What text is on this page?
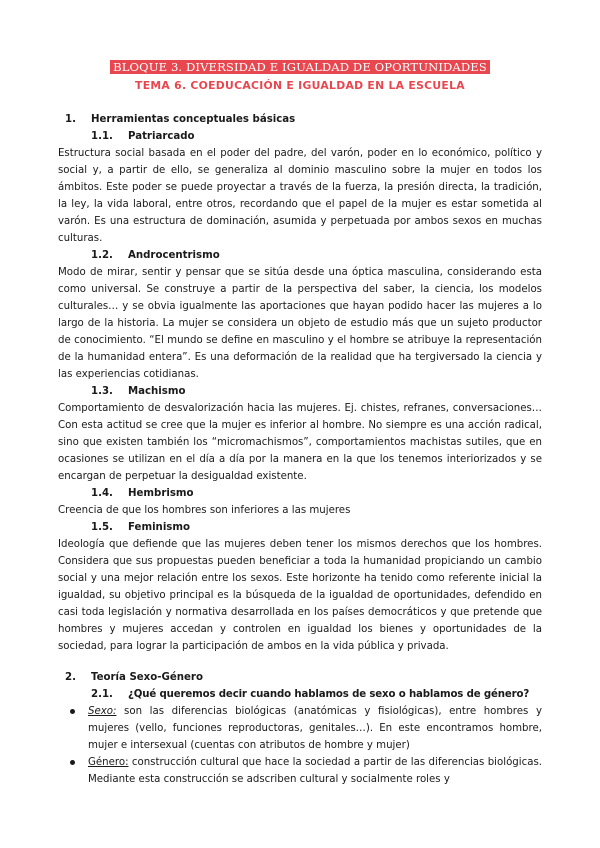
BLOQUE 3. DIVERSIDAD E IGUALDAD DE OPORTUNIDADES
TEMA 6. COEDUCACIÓN E IGUALDAD EN LA ESCUELA
1. Herramientas conceptuales básicas
1.1.	Patriarcado

Estructura social basada en el poder del padre, del varón, poder en lo económico, político y social y, a partir de ello, se generaliza al dominio masculino sobre la mujer en todos los ámbitos. Este poder se puede proyectar a través de la fuerza, la presión directa, la tradición, la ley, la vida laboral, entre otros, recordando que el papel de la mujer es estar sometida al varón. Es una estructura de dominación, asumida y perpetuada por ambos sexos en muchas culturas.

1.2.	Androcentrismo

Modo de mirar, sentir y pensar que se sitúa desde una óptica masculina, considerando esta como universal. Se construye a partir de la perspectiva del saber, la ciencia, los modelos culturales… y se obvia igualmente las aportaciones que hayan podido hacer las mujeres a lo largo de la historia. La mujer se considera un objeto de estudio más que un sujeto productor de conocimiento. “El mundo se define en masculino y el hombre se atribuye la representación de la humanidad entera”. Es una deformación de la realidad que ha tergiversado la ciencia y las experiencias cotidianas.

1.3.	Machismo

Comportamiento de desvalorización hacia las mujeres. Ej. chistes, refranes, conversaciones… Con esta actitud se cree que la mujer es inferior al hombre. No siempre es una acción radical, sino que existen también los “micromachismos”, comportamientos machistas sutiles, que en ocasiones se utilizan en el día a día por la manera en la que los tenemos interiorizados y se encargan de perpetuar la desigualdad existente.

1.4.	Hembrismo

Creencia de que los hombres son inferiores a las mujeres

1.5.	Feminismo

Ideología que defiende que las mujeres deben tener los mismos derechos que los hombres. Considera que sus propuestas pueden beneficiar a toda la humanidad propiciando un cambio social y una mejor relación entre los sexos. Este horizonte ha tenido como referente inicial la igualdad, su objetivo principal es la búsqueda de la igualdad de oportunidades, defendido en casi toda legislación y normativa desarrollada en los países democráticos y que pretende que hombres y mujeres accedan y controlen en igualdad los bienes y oportunidades de la sociedad, para lograr la participación de ambos en la vida pública y privada.

2. Teoría Sexo-Género
2.1.	¿Qué queremos decir cuando hablamos de sexo o hablamos de género?
Sexo: son las diferencias biológicas (anatómicas y fisiológicas), entre hombres y mujeres (vello, funciones reproductoras, genitales…). En este encontramos hombre, mujer e intersexual (cuentas con atributos de hombre y mujer)
Género: construcción cultural que hace la sociedad a partir de las diferencias biológicas. Mediante esta construcción se adscriben cultural y socialmente roles y
